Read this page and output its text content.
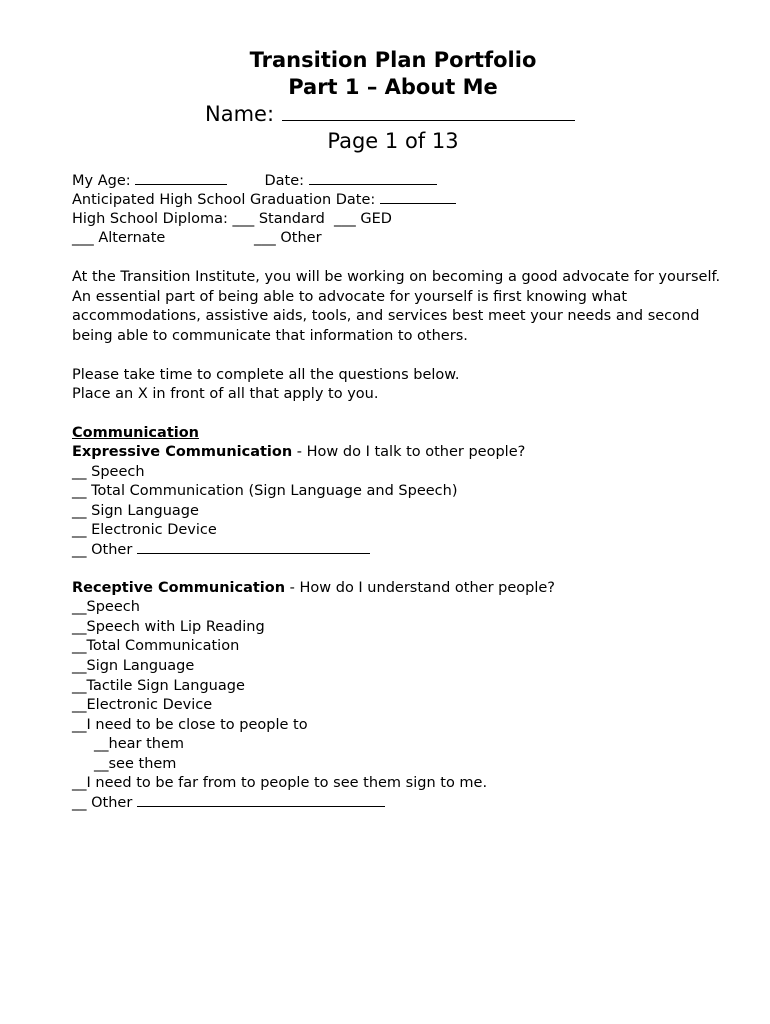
Transition Plan Portfolio
Part 1 – About Me
Name:
Page 1 of 13
My Age:	Date:
Anticipated High School Graduation Date:
High School Diploma: ___ Standard ___ GED
___ Alternate	___ Other

At the Transition Institute, you will be working on becoming a good advocate for yourself. An essential part of being able to advocate for yourself is first knowing what accommodations, assistive aids, tools, and services best meet your needs and second being able to communicate that information to others.

Please take time to complete all the questions below.
Place an X in front of all that apply to you.
Communication
Expressive Communication - How do I talk to other people?
__ Speech
__ Total Communication (Sign Language and Speech)
__ Sign Language
__ Electronic Device
__ Other
Receptive Communication - How do I understand other people?
__Speech
__Speech with Lip Reading
__Total Communication
__Sign Language
__Tactile Sign Language
__Electronic Device
__I need to be close to people to
__hear them
__see them
__I need to be far from to people to see them sign to me.
__ Other
